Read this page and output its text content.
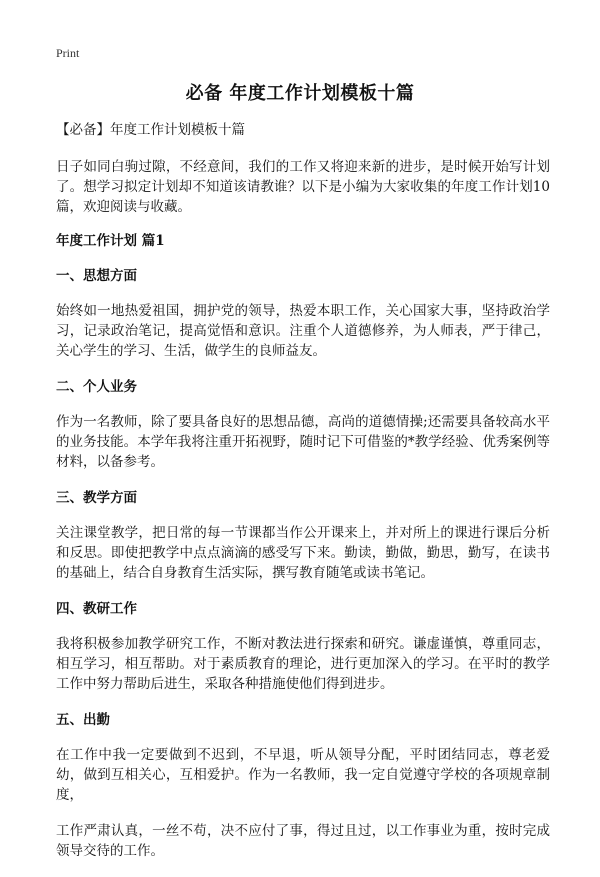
Print
必备 年度工作计划模板十篇
【必备】年度工作计划模板十篇

日子如同白驹过隙，不经意间，我们的工作又将迎来新的进步，是时候开始写计划了。想学习拟定计划却不知道该请教谁？以下是小编为大家收集的年度工作计划10篇，欢迎阅读与收藏。

年度工作计划 篇1
一、思想方面

始终如一地热爱祖国，拥护党的领导，热爱本职工作，关心国家大事，坚持政治学习，记录政治笔记，提高觉悟和意识。注重个人道德修养，为人师表，严于律己，关心学生的学习、生活，做学生的良师益友。

二、个人业务

作为一名教师，除了要具备良好的思想品德，高尚的道德情操;还需要具备较高水平的业务技能。本学年我将注重开拓视野，随时记下可借鉴的*教学经验、优秀案例等材料，以备参考。

三、教学方面

关注课堂教学，把日常的每一节课都当作公开课来上，并对所上的课进行课后分析和反思。即使把教学中点点滴滴的感受写下来。勤读，勤做，勤思，勤写，在读书的基础上，结合自身教育生活实际，撰写教育随笔或读书笔记。

四、教研工作

我将积极参加教学研究工作，不断对教法进行探索和研究。谦虚谨慎，尊重同志，相互学习，相互帮助。对于素质教育的理论，进行更加深入的学习。在平时的教学工作中努力帮助后进生，采取各种措施使他们得到进步。

五、出勤

在工作中我一定要做到不迟到，不早退，听从领导分配，平时团结同志，尊老爱幼，做到互相关心，互相爱护。作为一名教师，我一定自觉遵守学校的各项规章制度，

工作严肃认真，一丝不苟，决不应付了事，得过且过，以工作事业为重，按时完成领导交待的工作。
